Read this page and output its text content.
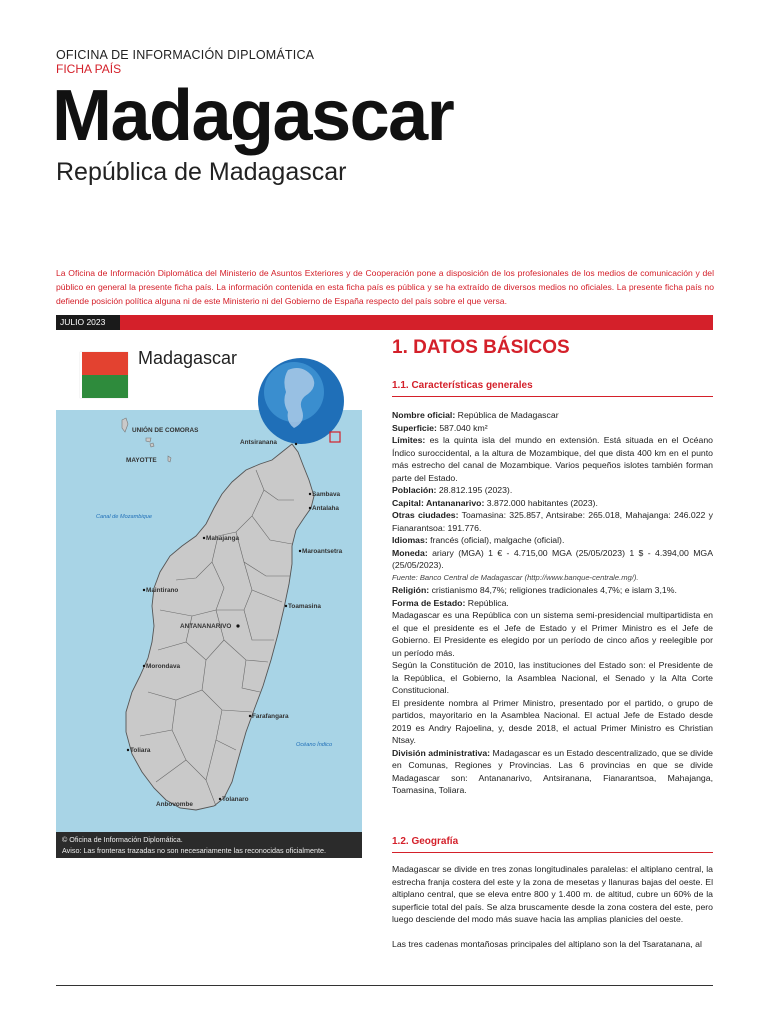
OFICINA DE INFORMACIÓN DIPLOMÁTICA
FICHA PAÍS
Madagascar
República de Madagascar
La Oficina de Información Diplomática del Ministerio de Asuntos Exteriores y de Cooperación pone a disposición de los profesionales de los medios de comunicación y del público en general la presente ficha país. La información contenida en esta ficha país es pública y se ha extraído de diversos medios no oficiales. La presente ficha país no defiende posición política alguna ni de este Ministerio ni del Gobierno de España respecto del país sobre el que versa.
JULIO 2023
Madagascar
UNIÓN DE COMORAS
MAYOTTE
Antsiranana
Sambava
Antalaha
Mahajanga
Maroantsetra
Maintirano
Toamasina
ANTANANARIVO
Morondava
Farafangara
Toliara
Tolanaro
Anbovombe
Canal de Mozambique
Océano Índico
© Oficina de Información Diplomática.
Aviso: Las fronteras trazadas no son necesariamente las reconocidas oficialmente.
1. DATOS BÁSICOS
1.1. Características generales

Nombre oficial: República de Madagascar

Superficie: 587.040 km²

Límites: es la quinta isla del mundo en extensión. Está situada en el Océano Índico suroccidental, a la altura de Mozambique, del que dista 400 km en el punto más estrecho del canal de Mozambique. Varios pequeños islotes también forman parte del Estado.

Población: 28.812.195 (2023).

Capital: Antananarivo: 3.872.000 habitantes (2023).

Otras ciudades: Toamasina: 325.857, Antsirabe: 265.018, Mahajanga: 246.022 y Fianarantsoa: 191.776.

Idiomas: francés (oficial), malgache (oficial).

Moneda: ariary (MGA) 1 € - 4.715,00 MGA (25/05/2023) 1 $ - 4.394,00 MGA (25/05/2023).

Fuente: Banco Central de Madagascar (http://www.banque-centrale.mg/).

Religión: cristianismo 84,7%; religiones tradicionales 4,7%; e islam 3,1%.

Forma de Estado: República.

Madagascar es una República con un sistema semi-presidencial multipartidista en el que el presidente es el Jefe de Estado y el Primer Ministro es el Jefe de Gobierno. El Presidente es elegido por un período de cinco años y reelegible por un período más.

Según la Constitución de 2010, las instituciones del Estado son: el Presidente de la República, el Gobierno, la Asamblea Nacional, el Senado y la Alta Corte Constitucional.

El presidente nombra al Primer Ministro, presentado por el partido, o grupo de partidos, mayoritario en la Asamblea Nacional. El actual Jefe de Estado desde 2019 es Andry Rajoelina, y, desde 2018, el actual Primer Ministro es Christian Ntsay.

División administrativa: Madagascar es un Estado descentralizado, que se divide en Comunas, Regiones y Provincias. Las 6 provincias en que se divide Madagascar son: Antananarivo, Antsiranana, Fianarantsoa, Mahajanga, Toamasina, Toliara.

1.2. Geografía

Madagascar se divide en tres zonas longitudinales paralelas: el altiplano central, la estrecha franja costera del este y la zona de mesetas y llanuras bajas del oeste. El altiplano central, que se eleva entre 800 y 1.400 m. de altitud, cubre un 60% de la superficie total del país. Se alza bruscamente desde la zona costera del este, pero luego desciende del modo más suave hacia las amplias planicies del oeste.

Las tres cadenas montañosas principales del altiplano son la del Tsaratanana, al
